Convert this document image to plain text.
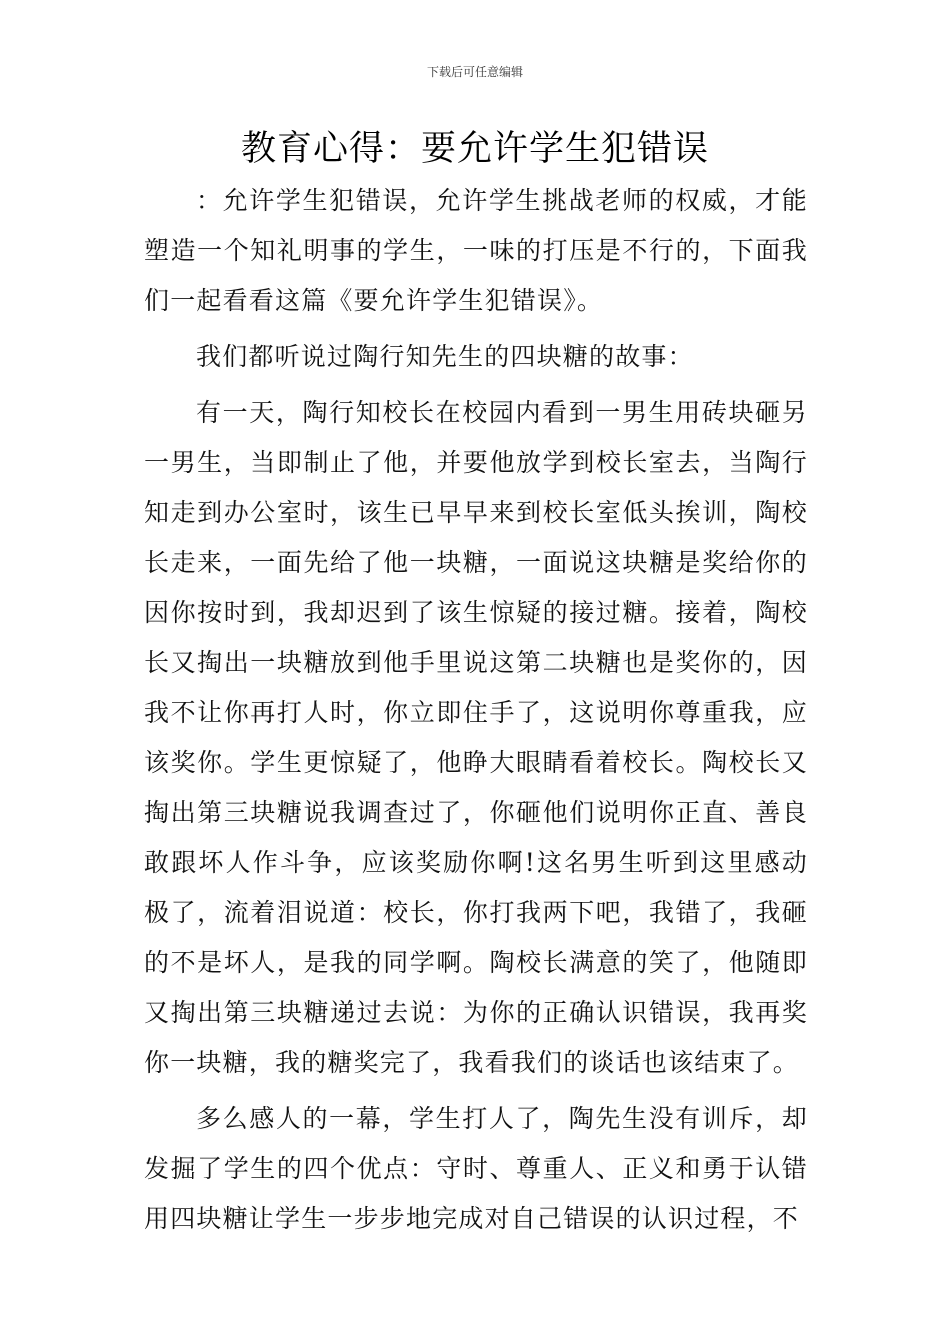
下载后可任意编辑
教育心得：要允许学生犯错误

：允许学生犯错误，允许学生挑战老师的权威，才能塑造一个知礼明事的学生，一味的打压是不行的，下面我们一起看看这篇《要允许学生犯错误》。

我们都听说过陶行知先生的四块糖的故事：

有一天，陶行知校长在校园内看到一男生用砖块砸另一男生，当即制止了他，并要他放学到校长室去，当陶行知走到办公室时，该生已早早来到校长室低头挨训，陶校长走来，一面先给了他一块糖，一面说这块糖是奖给你的因你按时到，我却迟到了该生惊疑的接过糖。接着，陶校长又掏出一块糖放到他手里说这第二块糖也是奖你的，因我不让你再打人时，你立即住手了，这说明你尊重我，应该奖你。学生更惊疑了，他睁大眼睛看着校长。陶校长又掏出第三块糖说我调查过了，你砸他们说明你正直、善良敢跟坏人作斗争，应该奖励你啊!这名男生听到这里感动极了，流着泪说道：校长，你打我两下吧，我错了，我砸的不是坏人，是我的同学啊。陶校长满意的笑了，他随即又掏出第三块糖递过去说：为你的正确认识错误，我再奖你一块糖，我的糖奖完了，我看我们的谈话也该结束了。

多么感人的一幕，学生打人了，陶先生没有训斥，却发掘了学生的四个优点：守时、尊重人、正义和勇于认错用四块糖让学生一步步地完成对自己错误的认识过程，不
